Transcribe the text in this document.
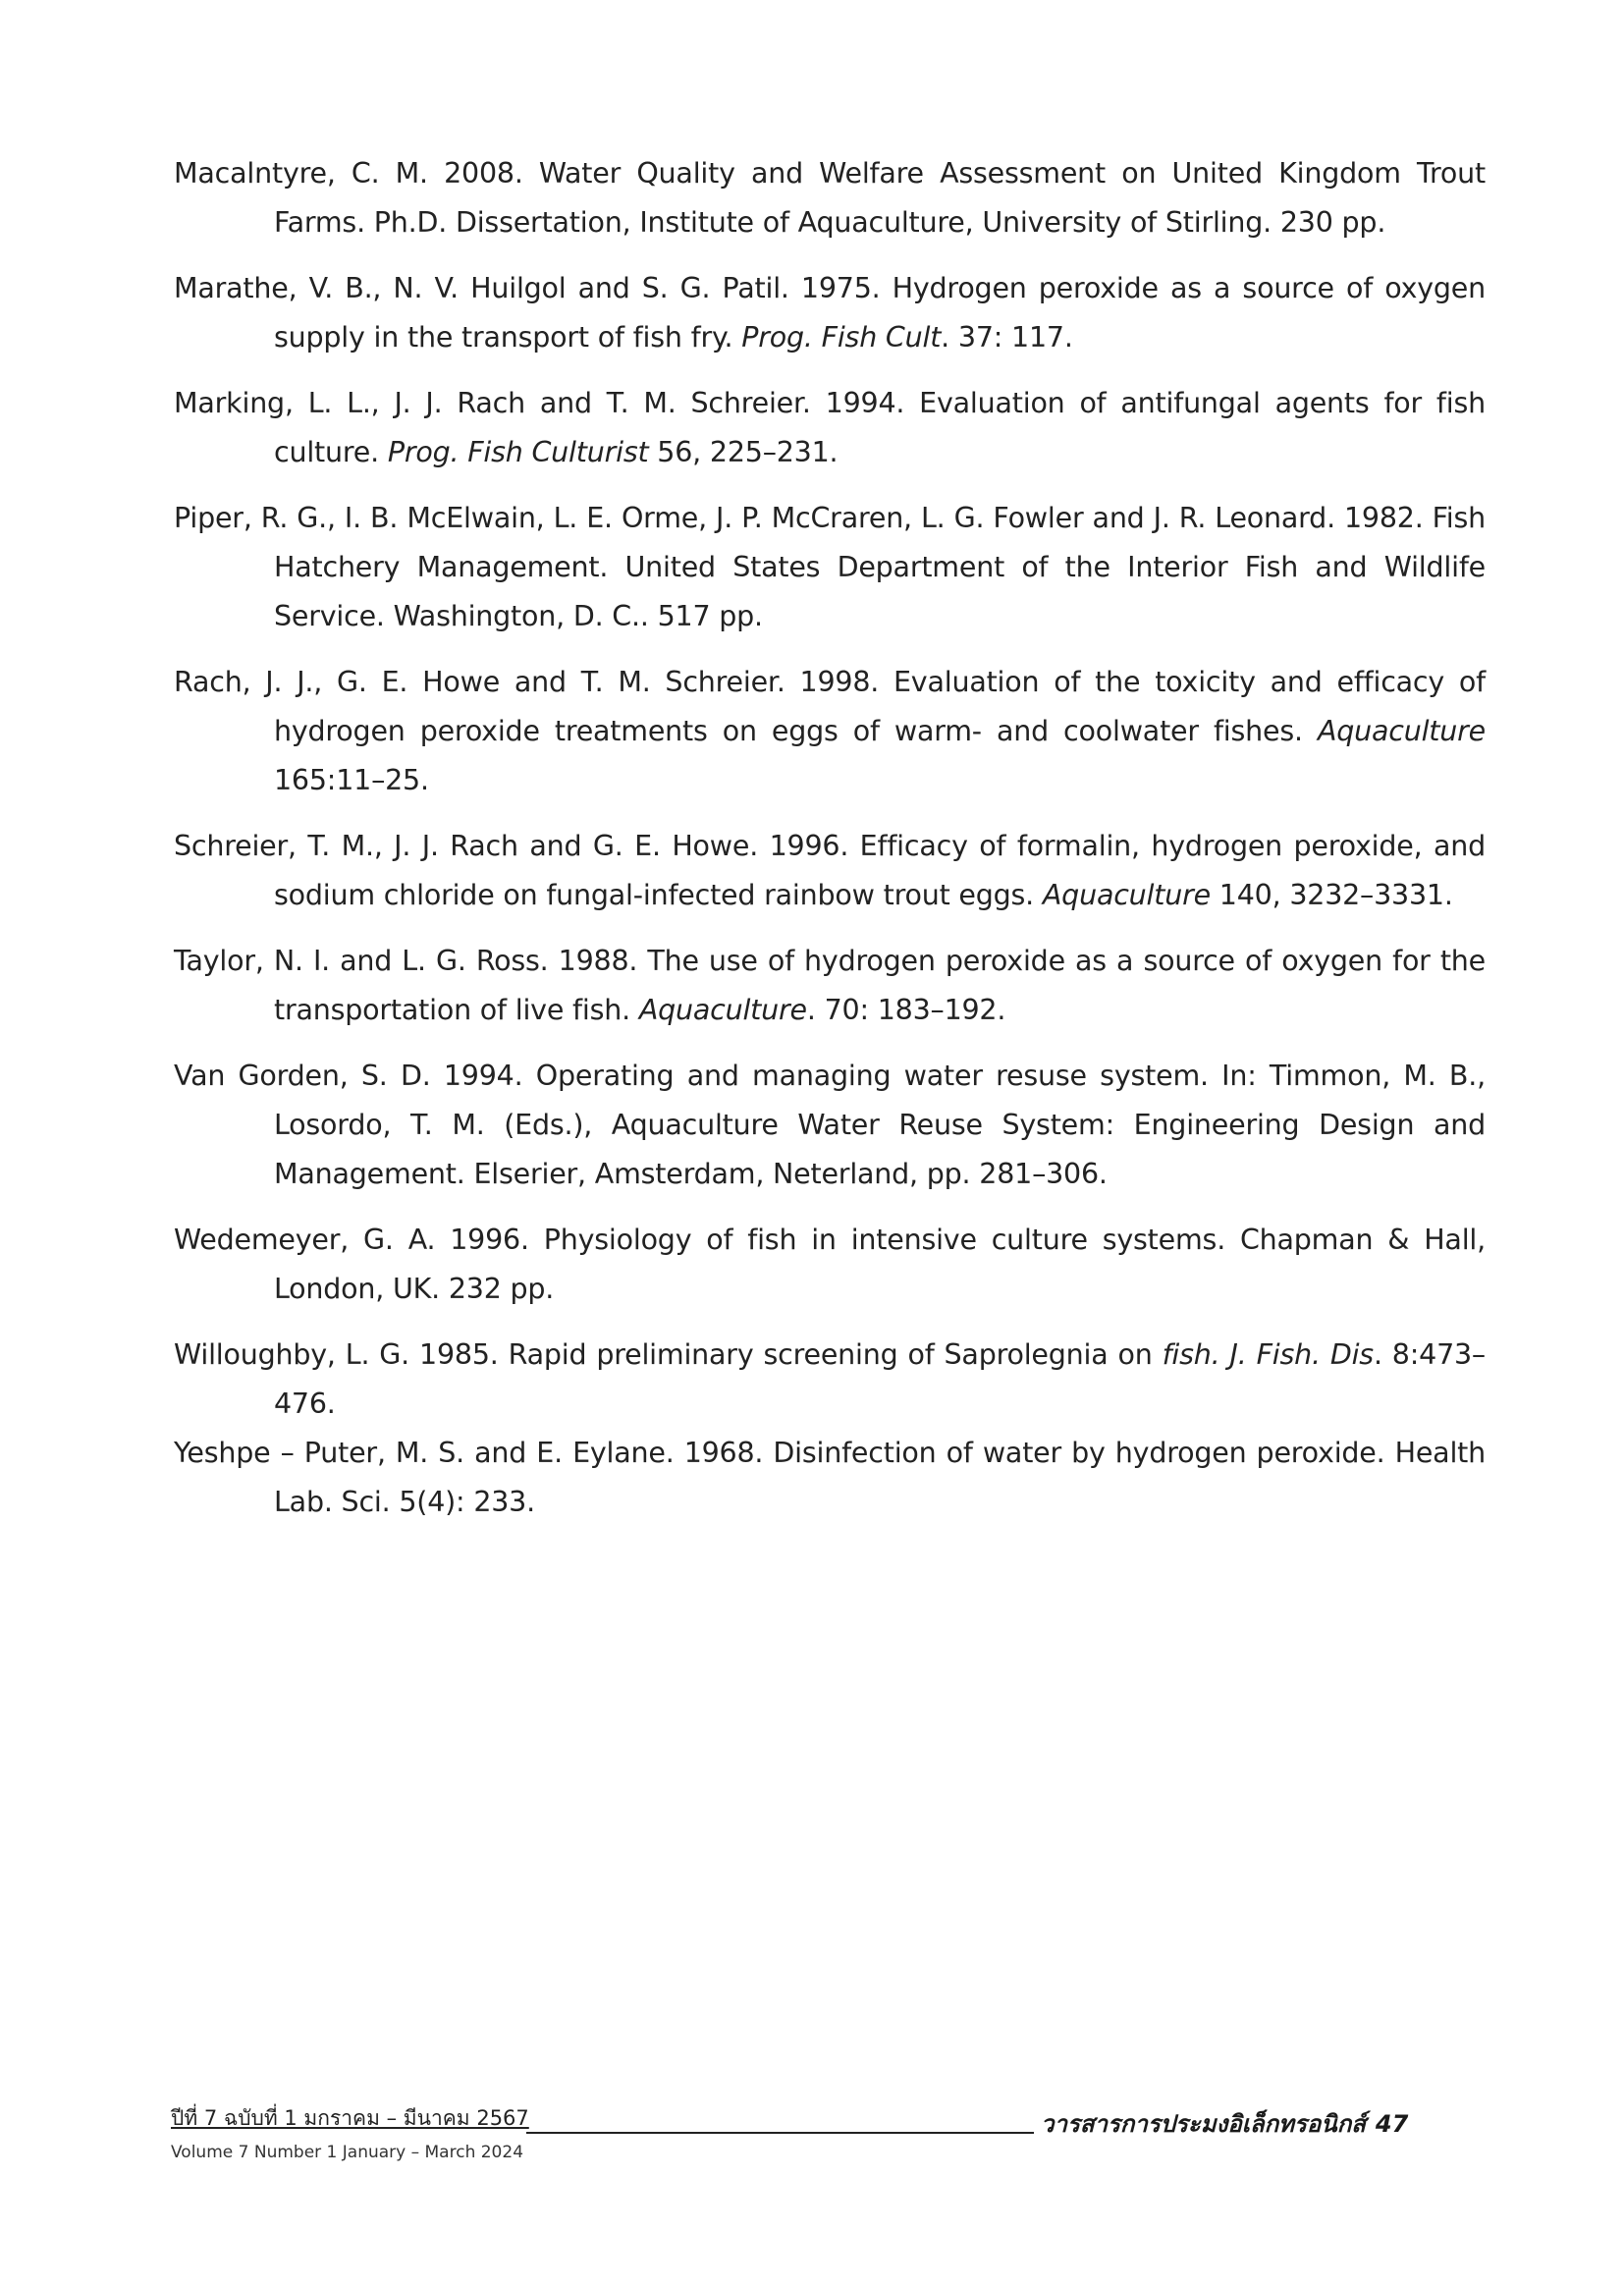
Macalntyre, C. M. 2008. Water Quality and Welfare Assessment on United Kingdom Trout Farms. Ph.D. Dissertation, Institute of Aquaculture, University of Stirling. 230 pp.

Marathe, V. B., N. V. Huilgol and S. G. Patil. 1975. Hydrogen peroxide as a source of oxygen supply in the transport of fish fry. Prog. Fish Cult. 37: 117.

Marking, L. L., J. J. Rach and T. M. Schreier. 1994. Evaluation of antifungal agents for fish culture. Prog. Fish Culturist 56, 225–231.

Piper, R. G., I. B. McElwain, L. E. Orme, J. P. McCraren, L. G. Fowler and J. R. Leonard. 1982. Fish Hatchery Management. United States Department of the Interior Fish and Wildlife Service. Washington, D. C.. 517 pp.

Rach, J. J., G. E. Howe and T. M. Schreier. 1998. Evaluation of the toxicity and efficacy of hydrogen peroxide treatments on eggs of warm- and coolwater fishes. Aquaculture 165:11–25.

Schreier, T. M., J. J. Rach and G. E. Howe. 1996. Efficacy of formalin, hydrogen peroxide, and sodium chloride on fungal-infected rainbow trout eggs. Aquaculture 140, 3232–3331.

Taylor, N. I. and L. G. Ross. 1988. The use of hydrogen peroxide as a source of oxygen for the transportation of live fish. Aquaculture. 70: 183–192.

Van Gorden, S. D. 1994. Operating and managing water resuse system. In: Timmon, M. B., Losordo, T. M. (Eds.), Aquaculture Water Reuse System: Engineering Design and Management. Elserier, Amsterdam, Neterland, pp. 281–306.

Wedemeyer, G. A. 1996. Physiology of fish in intensive culture systems. Chapman & Hall, London, UK. 232 pp.

Willoughby, L. G. 1985. Rapid preliminary screening of Saprolegnia on fish. J. Fish. Dis. 8:473–476.

Yeshpe – Puter, M. S. and E. Eylane. 1968. Disinfection of water by hydrogen peroxide. Health Lab. Sci. 5(4): 233.

ปีที่ 7 ฉบับที่ 1 มกราคม – มีนาคม 2567
Volume 7 Number 1 January – March 2024
วารสารการประมงอิเล็กทรอนิกส์ 47
